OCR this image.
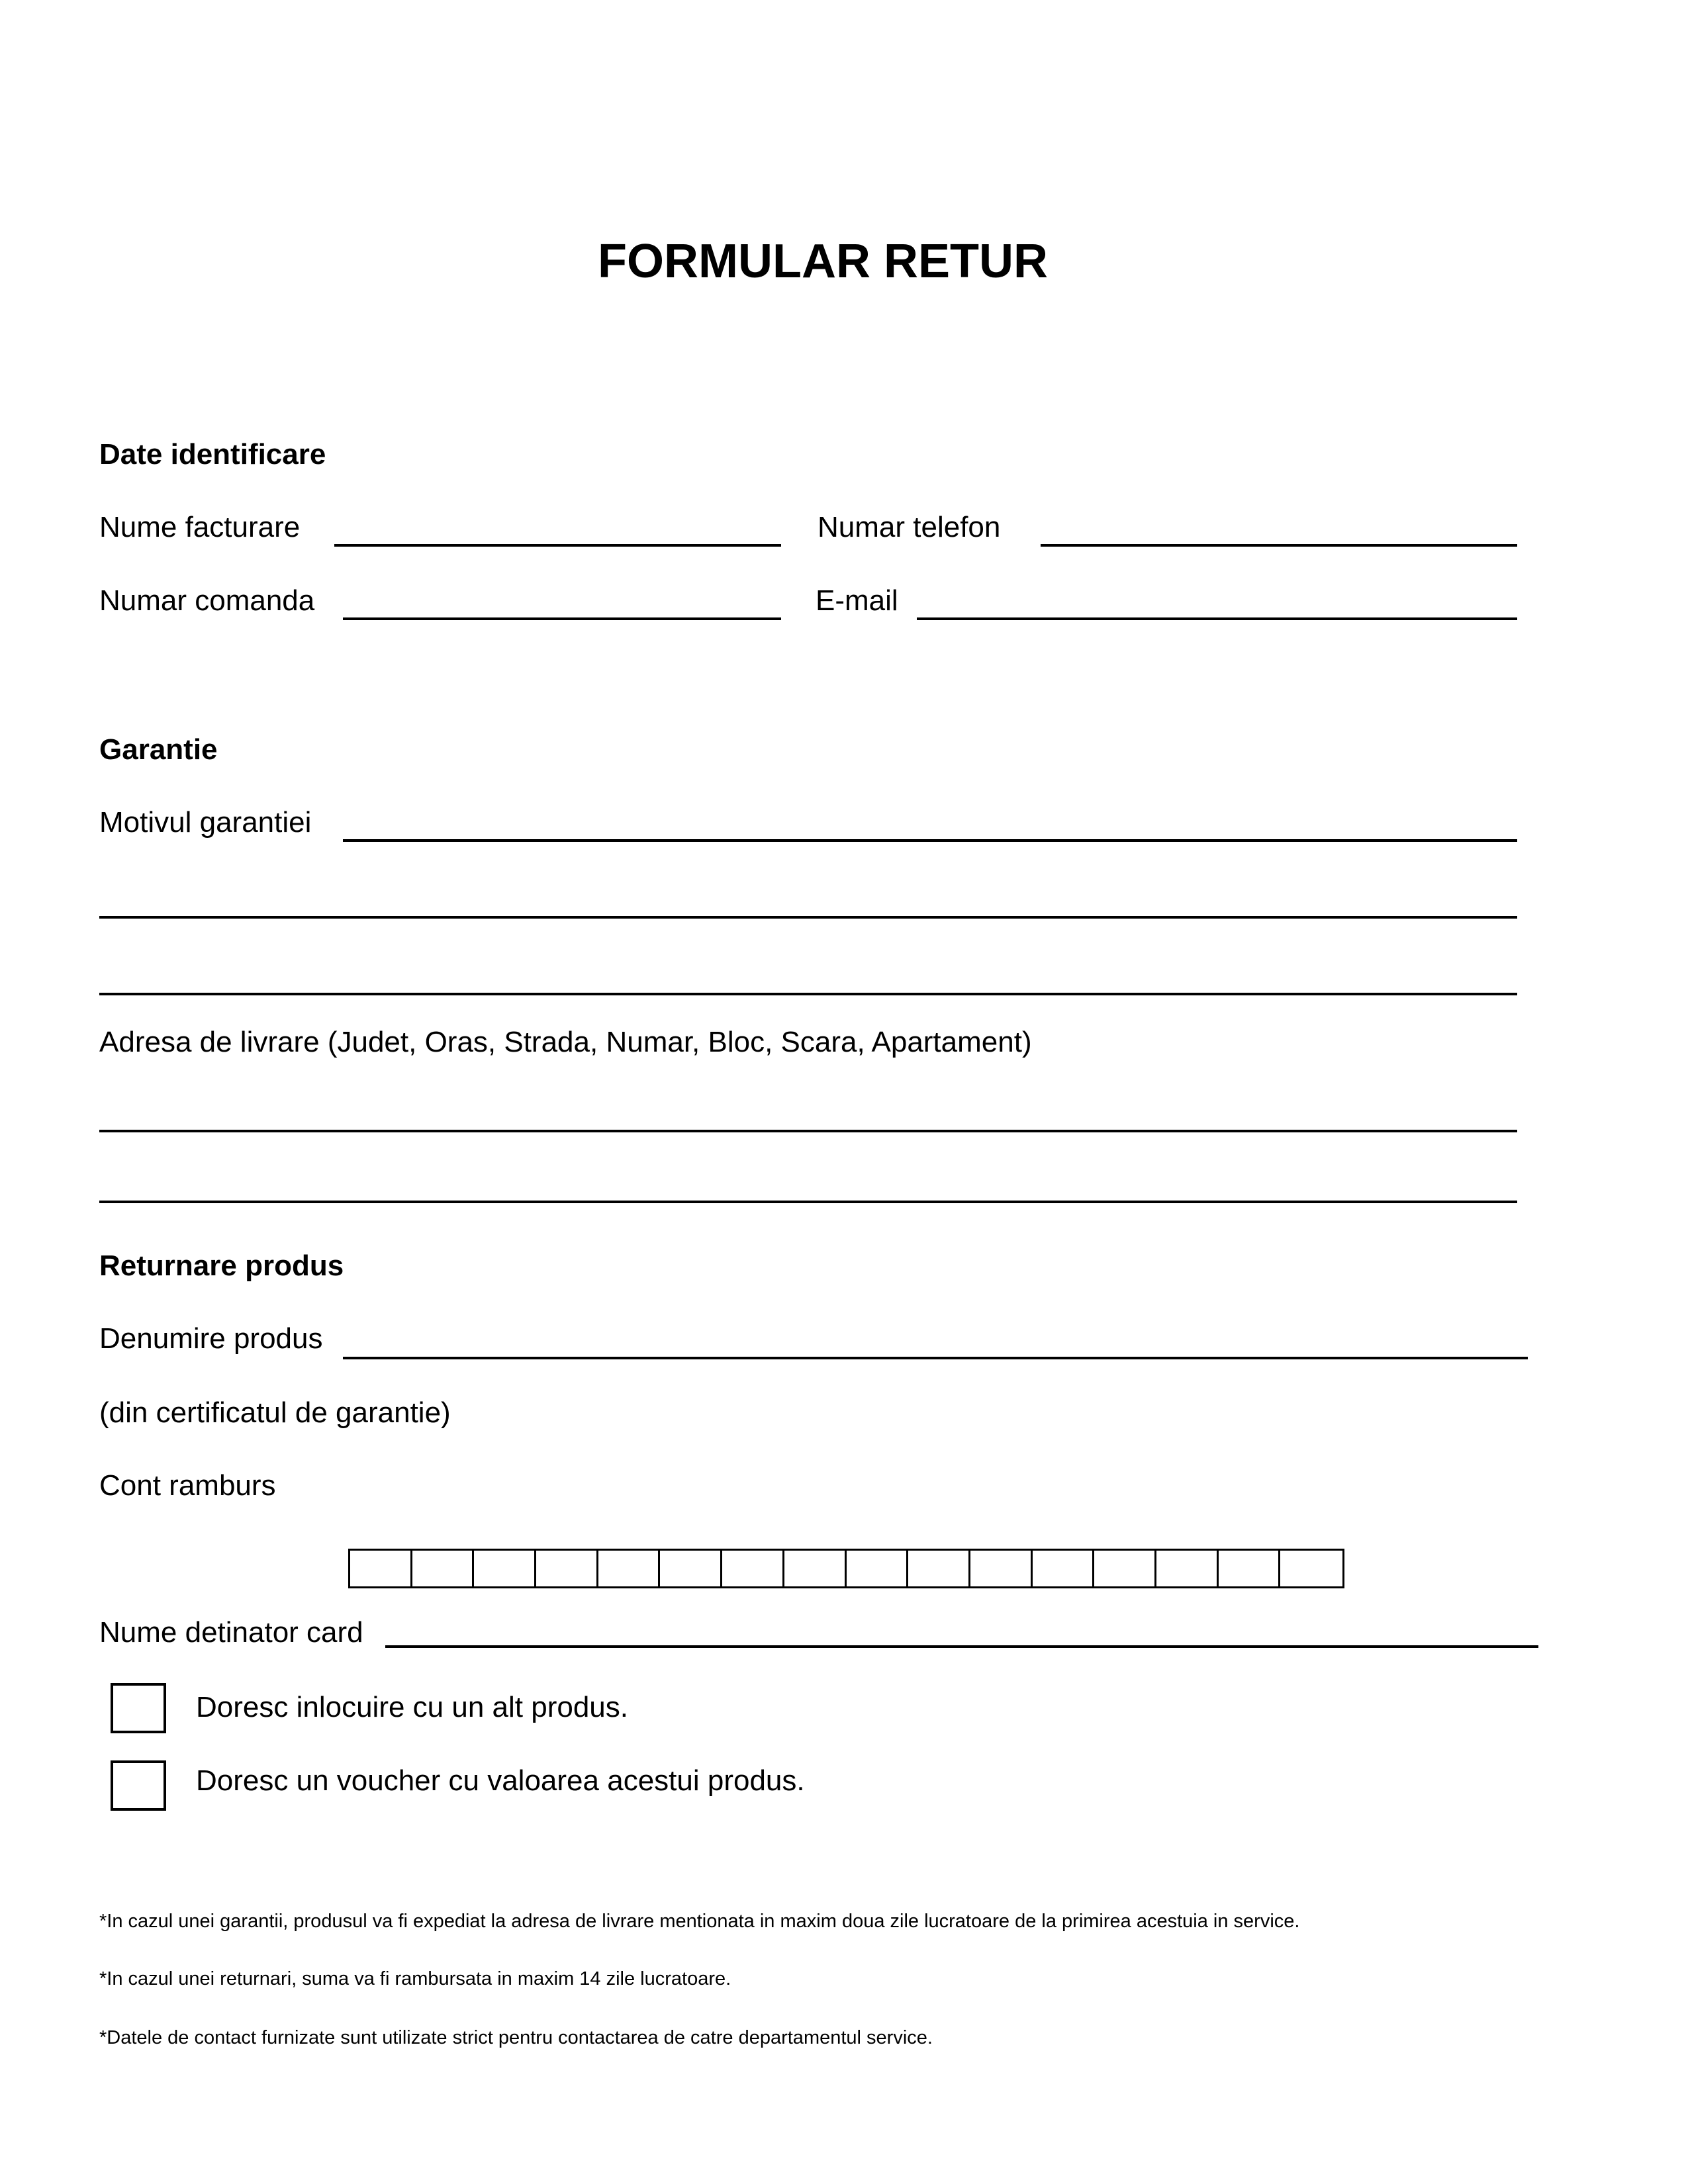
FORMULAR RETUR
Date identificare
Nume facturare	Numar telefon
Numar comanda	E-mail
Garantie
Motivul garantiei
Adresa de livrare (Judet, Oras, Strada, Numar, Bloc, Scara, Apartament)
Returnare produs
Denumire produs
(din certificatul de garantie)
Cont ramburs
Nume detinator card
Doresc inlocuire cu un alt produs.
Doresc un voucher cu valoarea acestui produs.

*In cazul unei garantii, produsul va fi expediat la adresa de livrare mentionata in maxim doua zile lucratoare de la primirea acestuia in service.

*In cazul unei returnari, suma va fi rambursata in maxim 14 zile lucratoare.

*Datele de contact furnizate sunt utilizate strict pentru contactarea de catre departamentul service.
